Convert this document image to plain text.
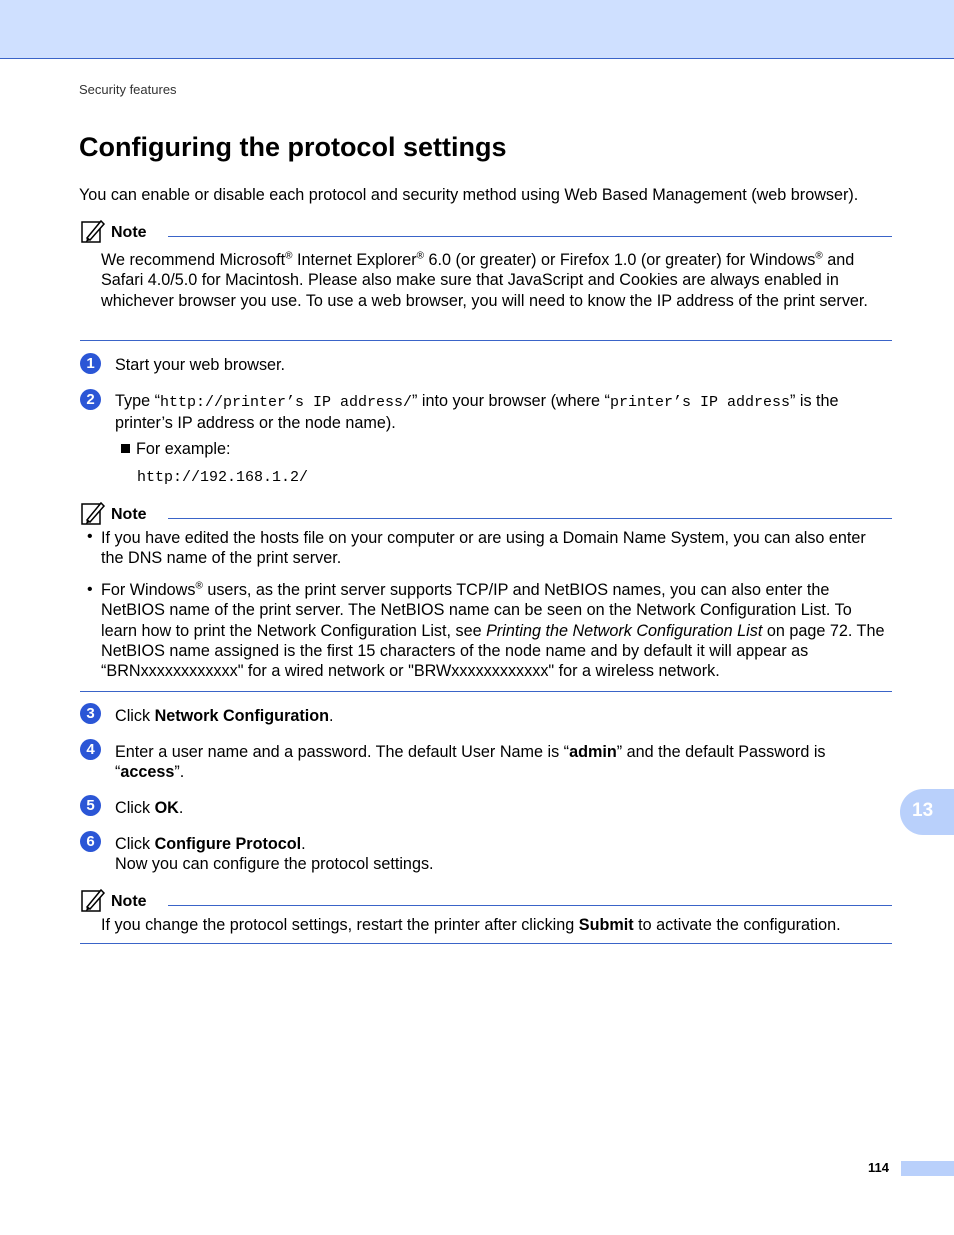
Security features
Configuring the protocol settings
You can enable or disable each protocol and security method using Web Based Management (web browser).
Note
We recommend Microsoft® Internet Explorer® 6.0 (or greater) or Firefox 1.0 (or greater) for Windows® and Safari 4.0/5.0 for Macintosh. Please also make sure that JavaScript and Cookies are always enabled in whichever browser you use. To use a web browser, you will need to know the IP address of the print server.
1	Start your web browser.
2	Type “http://printer’s IP address/” into your browser (where “printer’s IP address” is the printer’s IP address or the node name).
For example:
http://192.168.1.2/
Note
• If you have edited the hosts file on your computer or are using a Domain Name System, you can also enter the DNS name of the print server.
• For Windows® users, as the print server supports TCP/IP and NetBIOS names, you can also enter the NetBIOS name of the print server. The NetBIOS name can be seen on the Network Configuration List. To learn how to print the Network Configuration List, see Printing the Network Configuration List on page 72. The NetBIOS name assigned is the first 15 characters of the node name and by default it will appear as “BRNxxxxxxxxxxxx" for a wired network or "BRWxxxxxxxxxxxx" for a wireless network.
3	Click Network Configuration.
4	Enter a user name and a password. The default User Name is “admin” and the default Password is “access”.
5	Click OK.
6	Click Configure Protocol.
Now you can configure the protocol settings.
Note
If you change the protocol settings, restart the printer after clicking Submit to activate the configuration.
13
114
